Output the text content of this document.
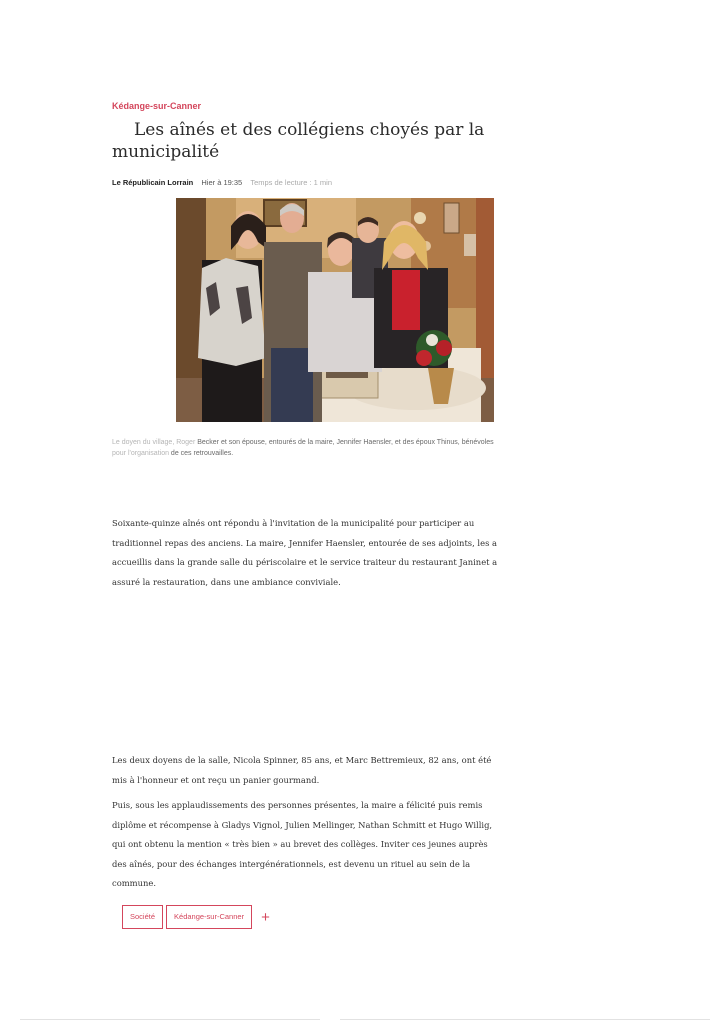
Kédange-sur-Canner
Les aînés et des collégiens choyés par la municipalité
Le Républicain Lorrain Hier à 19:35 Temps de lecture : 1 min

Le doyen du village, Roger Becker et son épouse, entourés de la maire, Jennifer Haensler, et des époux Thinus, bénévoles
pour l'organisation de ces retrouvailles.

Soixante-quinze aînés ont répondu à l'invitation de la municipalité pour participer au traditionnel repas des anciens. La maire, Jennifer Haensler, entourée de ses adjoints, les a accueillis dans la grande salle du périscolaire et le service traiteur du restaurant Janinet a assuré la restauration, dans une ambiance conviviale.

Les deux doyens de la salle, Nicola Spinner, 85 ans, et Marc Bettremieux, 82 ans, ont été mis à l'honneur et ont reçu un panier gourmand.

Puis, sous les applaudissements des personnes présentes, la maire a félicité puis remis diplôme et récompense à Gladys Vignol, Julien Mellinger, Nathan Schmitt et Hugo Willig, qui ont obtenu la mention « très bien » au brevet des collèges. Inviter ces jeunes auprès des aînés, pour des échanges intergénérationnels, est devenu un rituel au sein de la commune.

Société	Kédange-sur-Canner	+
